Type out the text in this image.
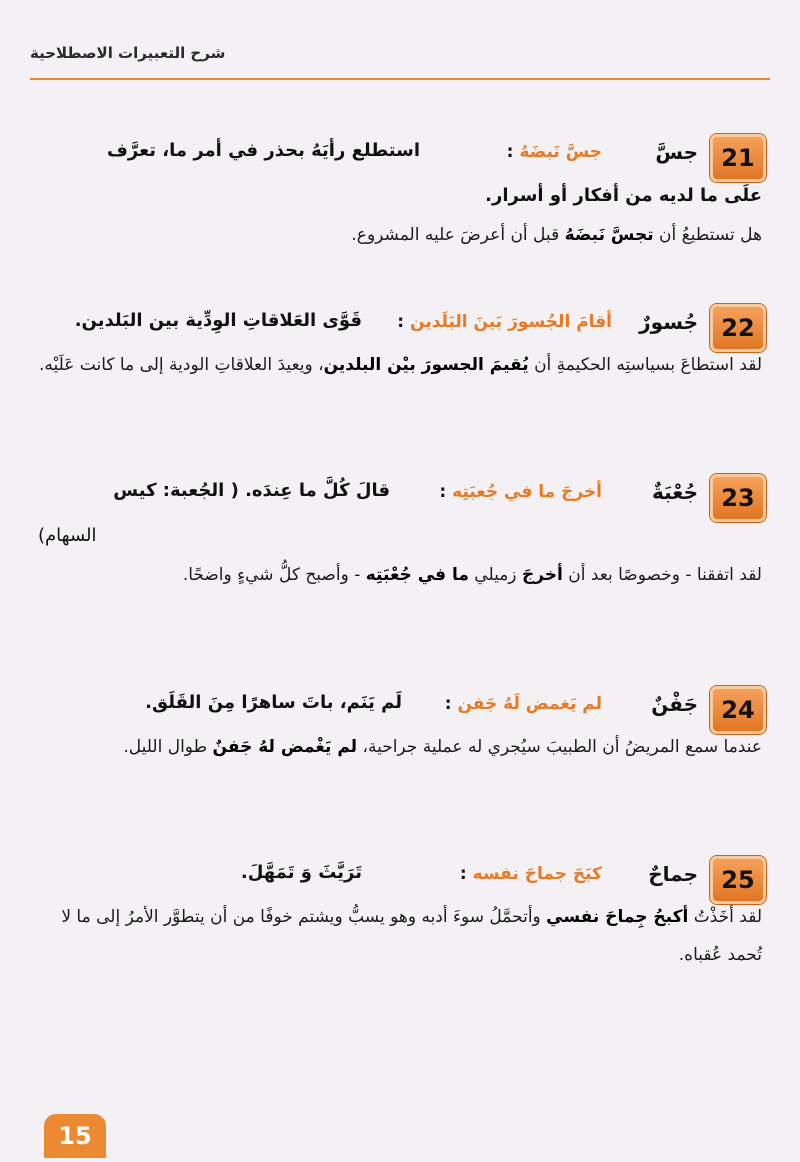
شرح التعبيرات الاصطلاحية
21
جسَّ
جسَّ نَبضَهُ :
استطلع رأيَهُ بحذر في أمر ما، تعرَّف
علَى ما لديه من أفكار أو أسرار.
هل تستطيعُ أن تجسَّ نَبضَهُ قبل أن أعرضَ عليه المشروع.
22
جُسورٌ
أقامَ الجُسورَ بَينَ البَلَدين :
قَوَّى العَلاقاتِ الوِدِّية بين البَلدين.
لقد استطاعَ بسياستِه الحكيمةِ أن يُقيمَ الجسورَ بيْن البلدين، ويعيدَ العلاقاتِ الودية إلى ما كانت عَلَيْه.
23
جُعْبَةٌ
أخرجَ ما في جُعبَتِه :
قالَ كُلَّ ما عِندَه. ( الجُعبة: كيس
السهام)
لقد اتفقنا - وخصوصًا بعد أن أخرجَ زميلي ما في جُعْبَتِه - وأصبح كلُّ شيءٍ واضحًا.
24
جَفْنٌ
لم يَغمض لَهُ جَفن :
لَم يَنَم، باتَ ساهرًا مِنَ القَلَق.
عندما سمع المريضُ أن الطبيبَ سيُجري له عملية جراحية، لم يَغْمض لهُ جَفنٌ طوال الليل.
25
جماحٌ
كبَحَ جماحَ نفسه :
تَرَيَّثَ وَ تَمَهَّلَ.
لقد أخَذْتُ أكبحُ جِماحَ نفسي وأتحمَّلُ سوءَ أدبه وهو يسبُّ ويشتم خوفًا من أن يتطوَّر الأمرُ إلى ما لا تُحمد عُقباه.
15
